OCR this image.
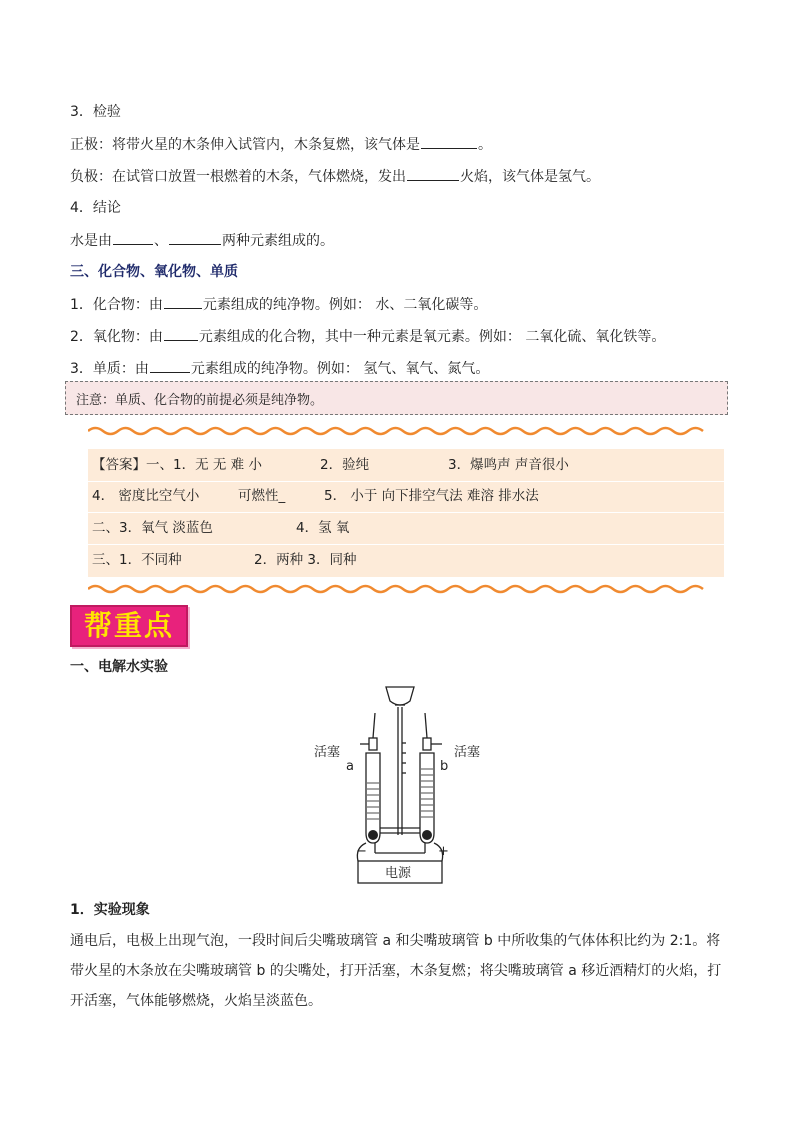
3．检验
正极：将带火星的木条伸入试管内，木条复燃，该气体是	。
负极：在试管口放置一根燃着的木条，气体燃烧，发出	火焰，该气体是氢气。
4．结论
水是由	、	两种元素组成的。
三、化合物、氧化物、单质
1．化合物：由	元素组成的纯净物。例如： 水、二氧化碳等。
2．氧化物：由	元素组成的化合物，其中一种元素是氧元素。例如： 二氧化硫、氧化铁等。
3．单质：由	元素组成的纯净物。例如： 氢气、氧气、氮气。
注意：单质、化合物的前提必须是纯净物。
【答案】一、1．无 无 难 小	2．验纯	3．爆鸣声 声音很小
4． 密度比空气小	可燃性_	5． 小于 向下排空气法 难溶 排水法
二、3．氧气 淡蓝色	4．氢 氧
三、1．不同种	2．两种 3．同种
帮重点
一、电解水实验
活塞	活塞
a	b
−	+
电源
1．实验现象
通电后，电极上出现气泡，一段时间后尖嘴玻璃管 a 和尖嘴玻璃管 b 中所收集的气体体积比约为 2:1。将带火星的木条放在尖嘴玻璃管 b 的尖嘴处，打开活塞，木条复燃；将尖嘴玻璃管 a 移近酒精灯的火焰，打开活塞，气体能够燃烧，火焰呈淡蓝色。
